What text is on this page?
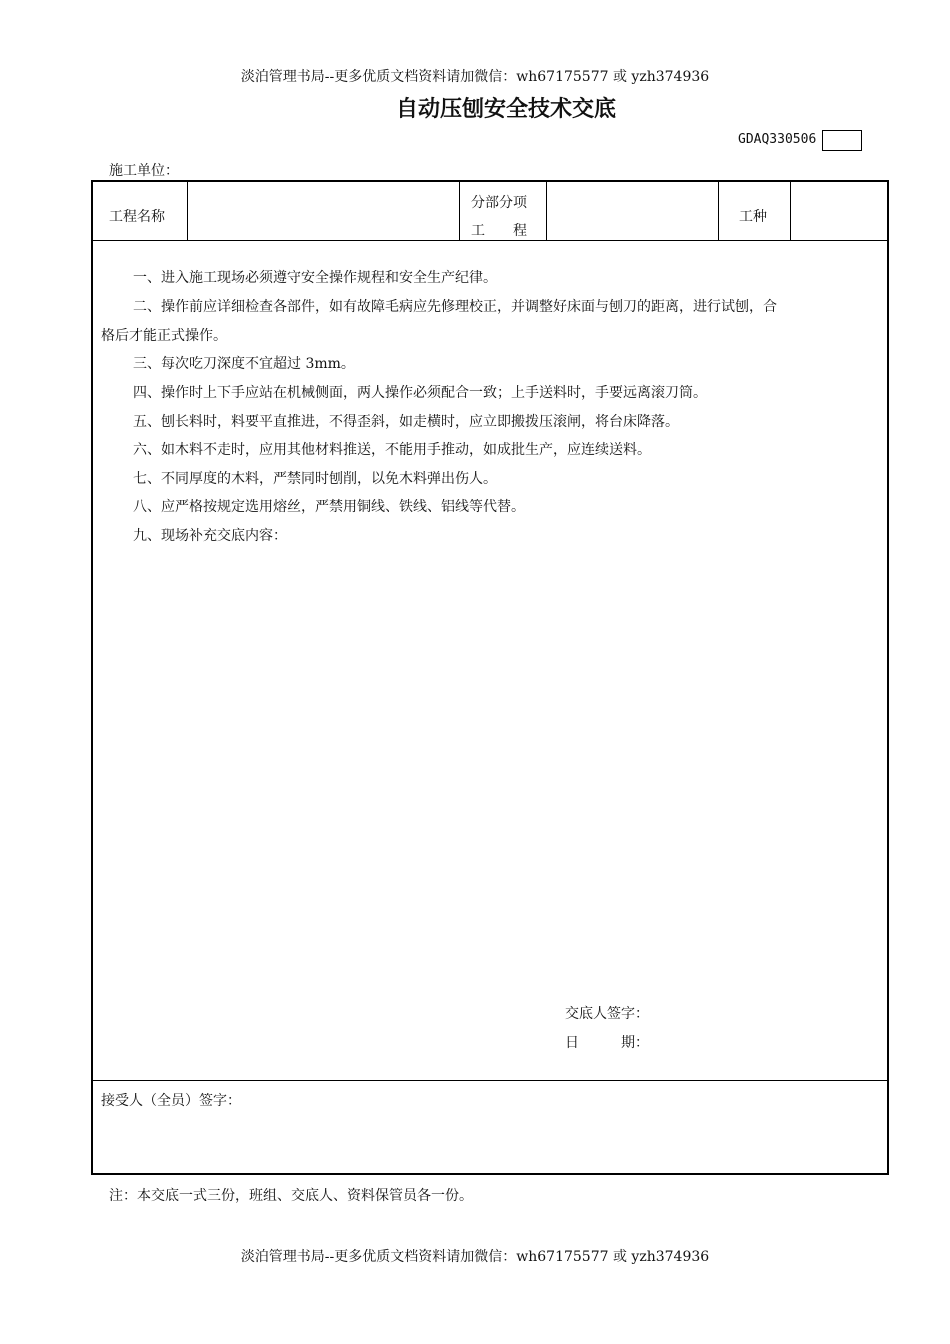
淡泊管理书局--更多优质文档资料请加微信：wh67175577 或 yzh374936
自动压刨安全技术交底
GDAQ330506
施工单位：
工程名称
分部分项
工　　程
工种
一、进入施工现场必须遵守安全操作规程和安全生产纪律。
二、操作前应详细检查各部件，如有故障毛病应先修理校正，并调整好床面与刨刀的距离，进行试刨，合
格后才能正式操作。
三、每次吃刀深度不宜超过 3mm。
四、操作时上下手应站在机械侧面，两人操作必须配合一致；上手送料时，手要远离滚刀筒。
五、刨长料时，料要平直推进，不得歪斜，如走横时，应立即搬拨压滚闸，将台床降落。
六、如木料不走时，应用其他材料推送，不能用手推动，如成批生产，应连续送料。
七、不同厚度的木料，严禁同时刨削，以免木料弹出伤人。
八、应严格按规定选用熔丝，严禁用铜线、铁线、铝线等代替。
九、现场补充交底内容：
交底人签字：
日　　　期：
接受人（全员）签字：
注：本交底一式三份，班组、交底人、资料保管员各一份。
淡泊管理书局--更多优质文档资料请加微信：wh67175577 或 yzh374936
